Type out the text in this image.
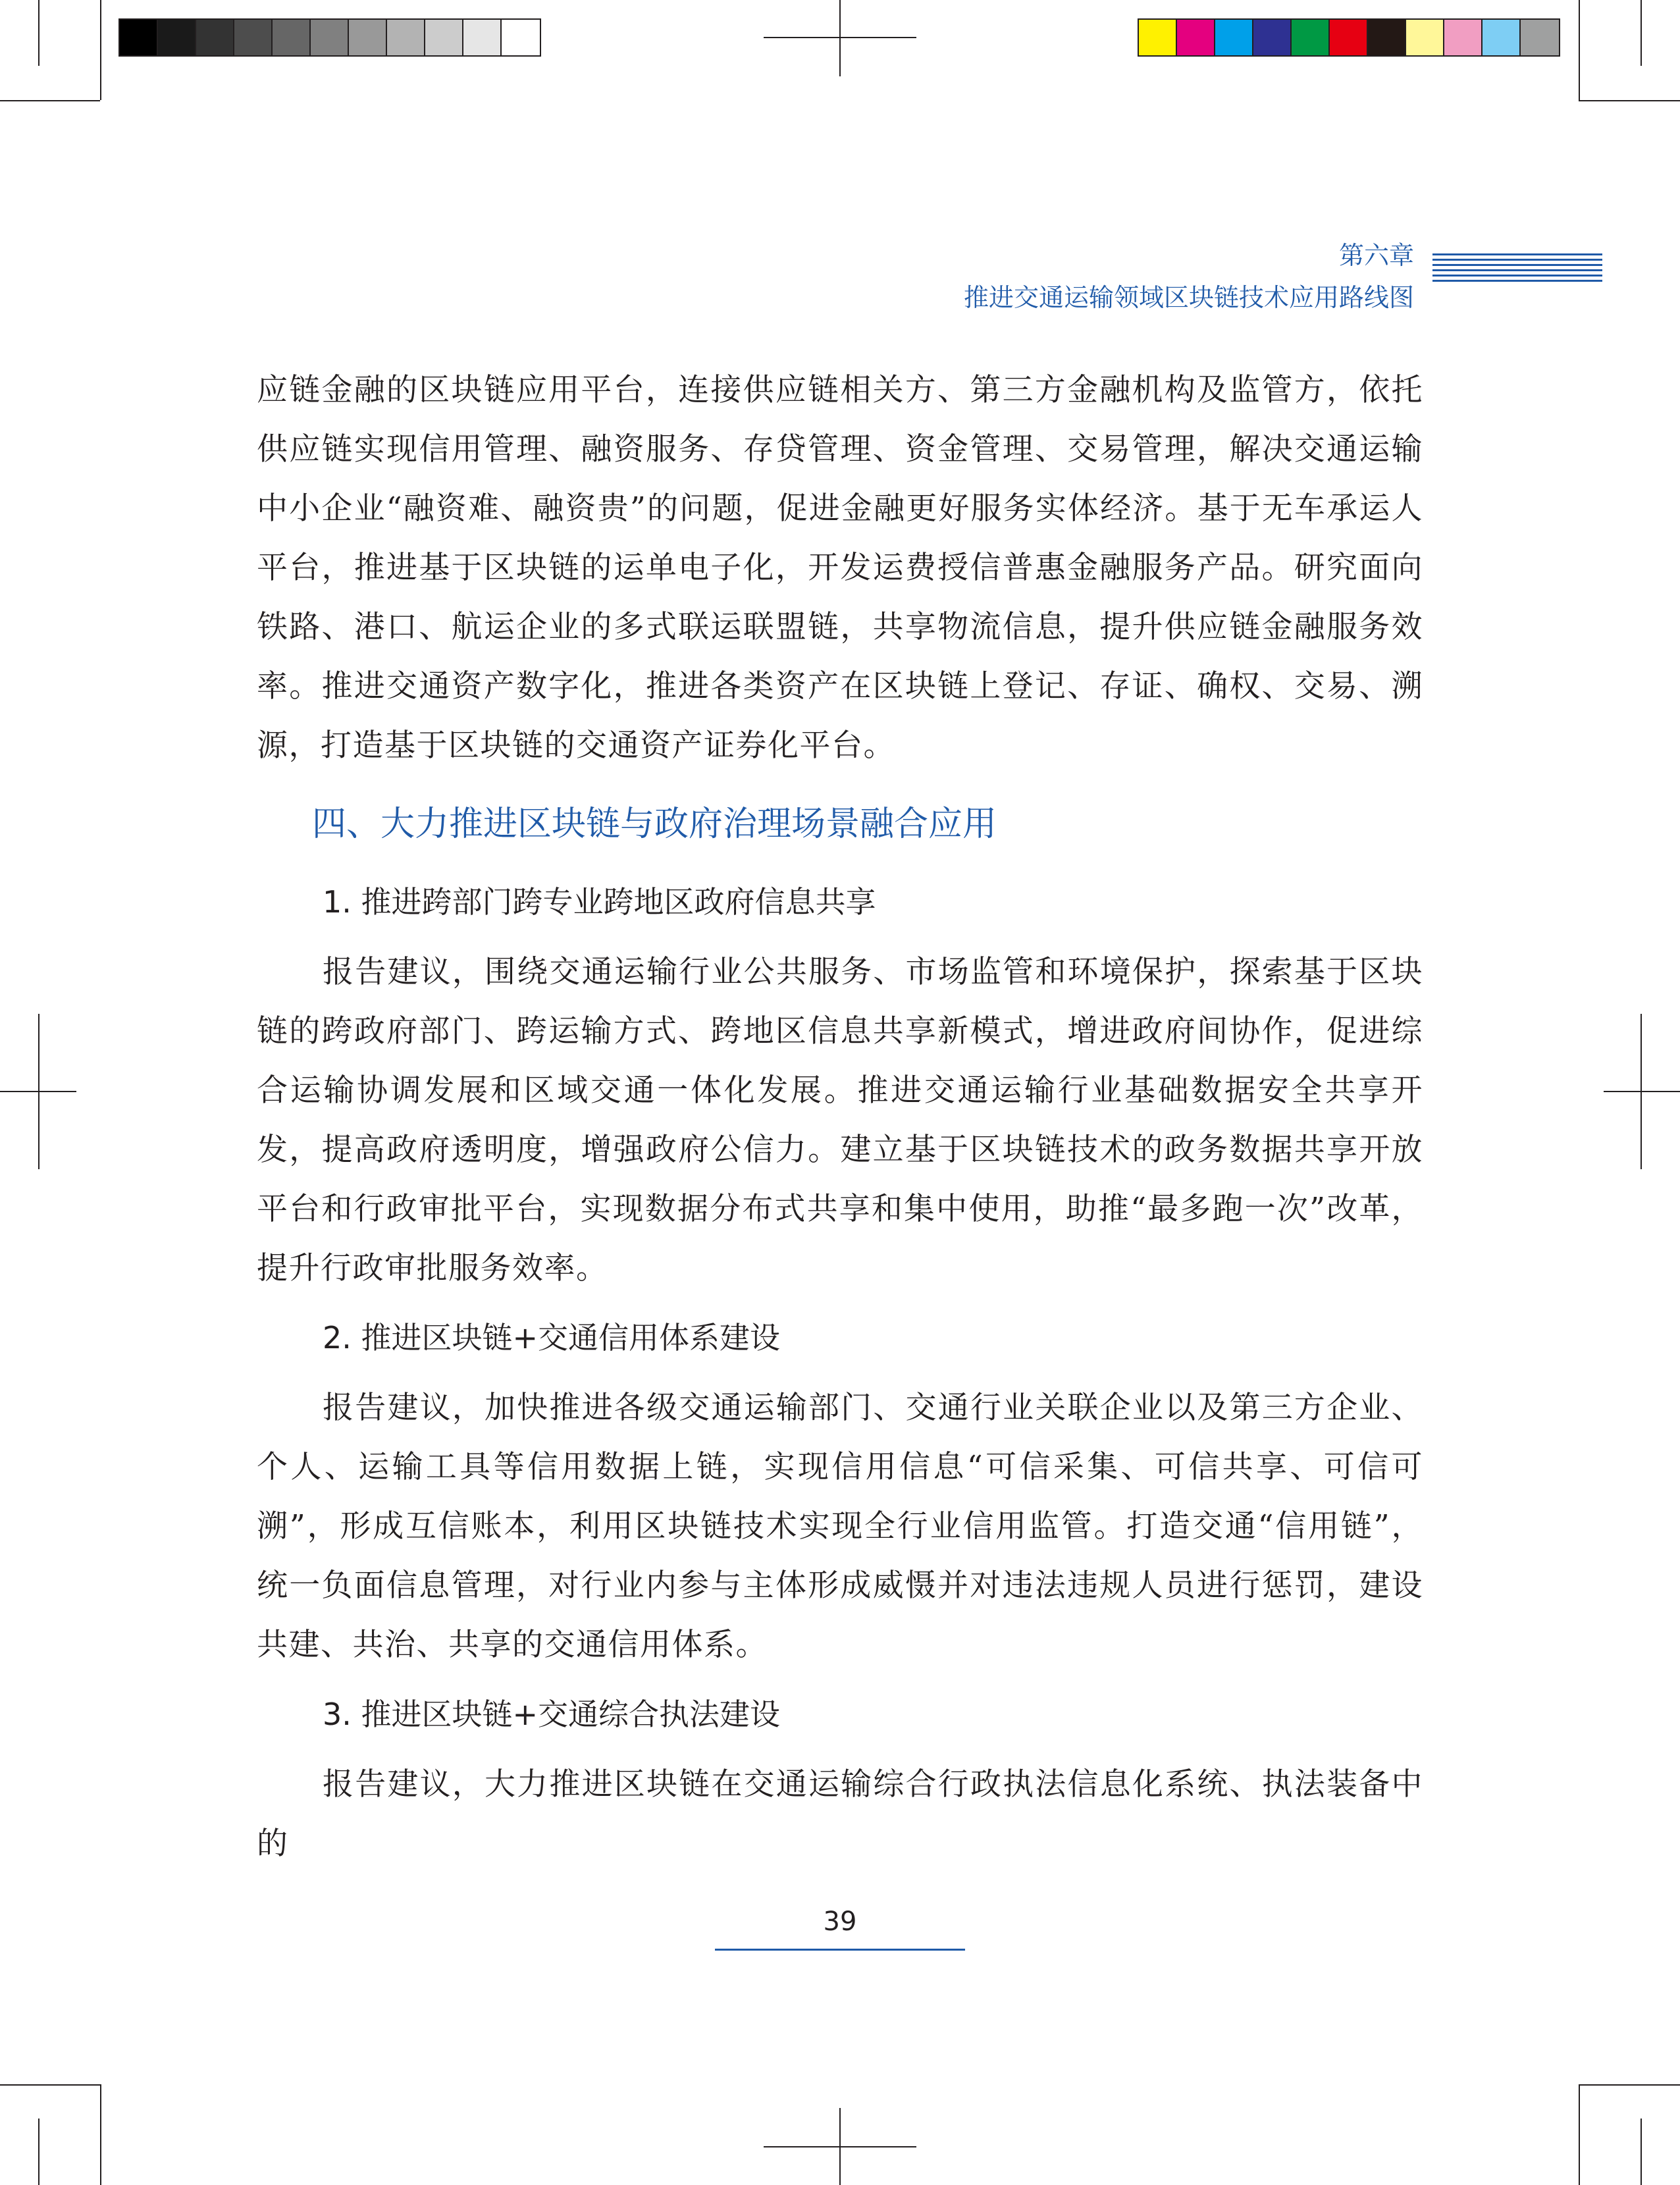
第六章
推进交通运输领域区块链技术应用路线图

应链金融的区块链应用平台，连接供应链相关方、第三方金融机构及监管方，依托供应链实现信用管理、融资服务、存贷管理、资金管理、交易管理，解决交通运输中小企业“融资难、融资贵”的问题，促进金融更好服务实体经济。基于无车承运人平台，推进基于区块链的运单电子化，开发运费授信普惠金融服务产品。研究面向铁路、港口、航运企业的多式联运联盟链，共享物流信息，提升供应链金融服务效率。推进交通资产数字化，推进各类资产在区块链上登记、存证、确权、交易、溯源，打造基于区块链的交通资产证券化平台。

四、大力推进区块链与政府治理场景融合应用
1. 推进跨部门跨专业跨地区政府信息共享

报告建议，围绕交通运输行业公共服务、市场监管和环境保护，探索基于区块链的跨政府部门、跨运输方式、跨地区信息共享新模式，增进政府间协作，促进综合运输协调发展和区域交通一体化发展。推进交通运输行业基础数据安全共享开发，提高政府透明度，增强政府公信力。建立基于区块链技术的政务数据共享开放平台和行政审批平台，实现数据分布式共享和集中使用，助推“最多跑一次”改革，提升行政审批服务效率。

2. 推进区块链+交通信用体系建设

报告建议，加快推进各级交通运输部门、交通行业关联企业以及第三方企业、个人、运输工具等信用数据上链，实现信用信息“可信采集、可信共享、可信可溯”，形成互信账本，利用区块链技术实现全行业信用监管。打造交通“信用链”，统一负面信息管理，对行业内参与主体形成威慑并对违法违规人员进行惩罚，建设共建、共治、共享的交通信用体系。

3. 推进区块链+交通综合执法建设

报告建议，大力推进区块链在交通运输综合行政执法信息化系统、执法装备中的

39
